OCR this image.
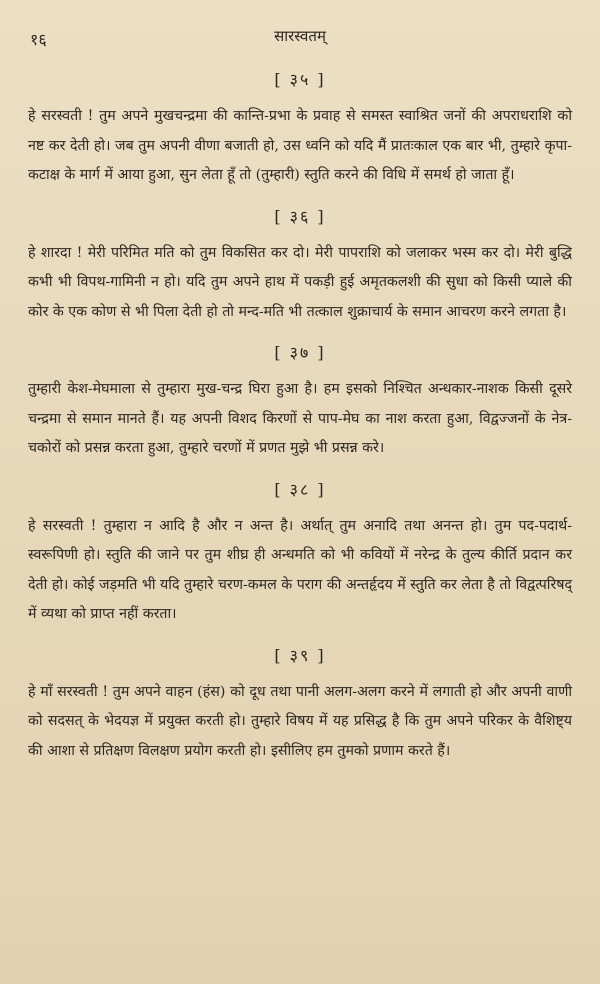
१६	सारस्वतम्
[ ३५ ]

हे सरस्वती ! तुम अपने मुखचन्द्रमा की कान्ति-प्रभा के प्रवाह से समस्त स्वाश्रित जनों की अपराधराशि को नष्ट कर देती हो। जब तुम अपनी वीणा बजाती हो, उस ध्वनि को यदि मैं प्रातःकाल एक बार भी, तुम्हारे कृपा-कटाक्ष के मार्ग में आया हुआ, सुन लेता हूँ तो (तुम्हारी) स्तुति करने की विधि में समर्थ हो जाता हूँ।

[ ३६ ]

हे शारदा ! मेरी परिमित मति को तुम विकसित कर दो। मेरी पापराशि को जलाकर भस्म कर दो। मेरी बुद्धि कभी भी विपथ-गामिनी न हो। यदि तुम अपने हाथ में पकड़ी हुई अमृतकलशी की सुधा को किसी प्याले की कोर के एक कोण से भी पिला देती हो तो मन्द-मति भी तत्काल शुक्राचार्य के समान आचरण करने लगता है।

[ ३७ ]

तुम्हारी केश-मेघमाला से तुम्हारा मुख-चन्द्र घिरा हुआ है। हम इसको निश्चित अन्धकार-नाशक किसी दूसरे चन्द्रमा से समान मानते हैं। यह अपनी विशद किरणों से पाप-मेघ का नाश करता हुआ, विद्वज्जनों के नेत्र-चकोरों को प्रसन्न करता हुआ, तुम्हारे चरणों में प्रणत मुझे भी प्रसन्न करे।

[ ३८ ]

हे सरस्वती ! तुम्हारा न आदि है और न अन्त है। अर्थात् तुम अनादि तथा अनन्त हो। तुम पद-पदार्थ-स्वरूपिणी हो। स्तुति की जाने पर तुम शीघ्र ही अन्धमति को भी कवियों में नरेन्द्र के तुल्य कीर्ति प्रदान कर देती हो। कोई जड़मति भी यदि तुम्हारे चरण-कमल के पराग की अन्तर्हृदय में स्तुति कर लेता है तो विद्वत्परिषद् में व्यथा को प्राप्त नहीं करता।

[ ३९ ]

हे माँ सरस्वती ! तुम अपने वाहन (हंस) को दूध तथा पानी अलग-अलग करने में लगाती हो और अपनी वाणी को सदसत् के भेदयज्ञ में प्रयुक्त करती हो। तुम्हारे विषय में यह प्रसिद्ध है कि तुम अपने परिकर के वैशिष्ट्य की आशा से प्रतिक्षण विलक्षण प्रयोग करती हो। इसीलिए हम तुमको प्रणाम करते हैं।
